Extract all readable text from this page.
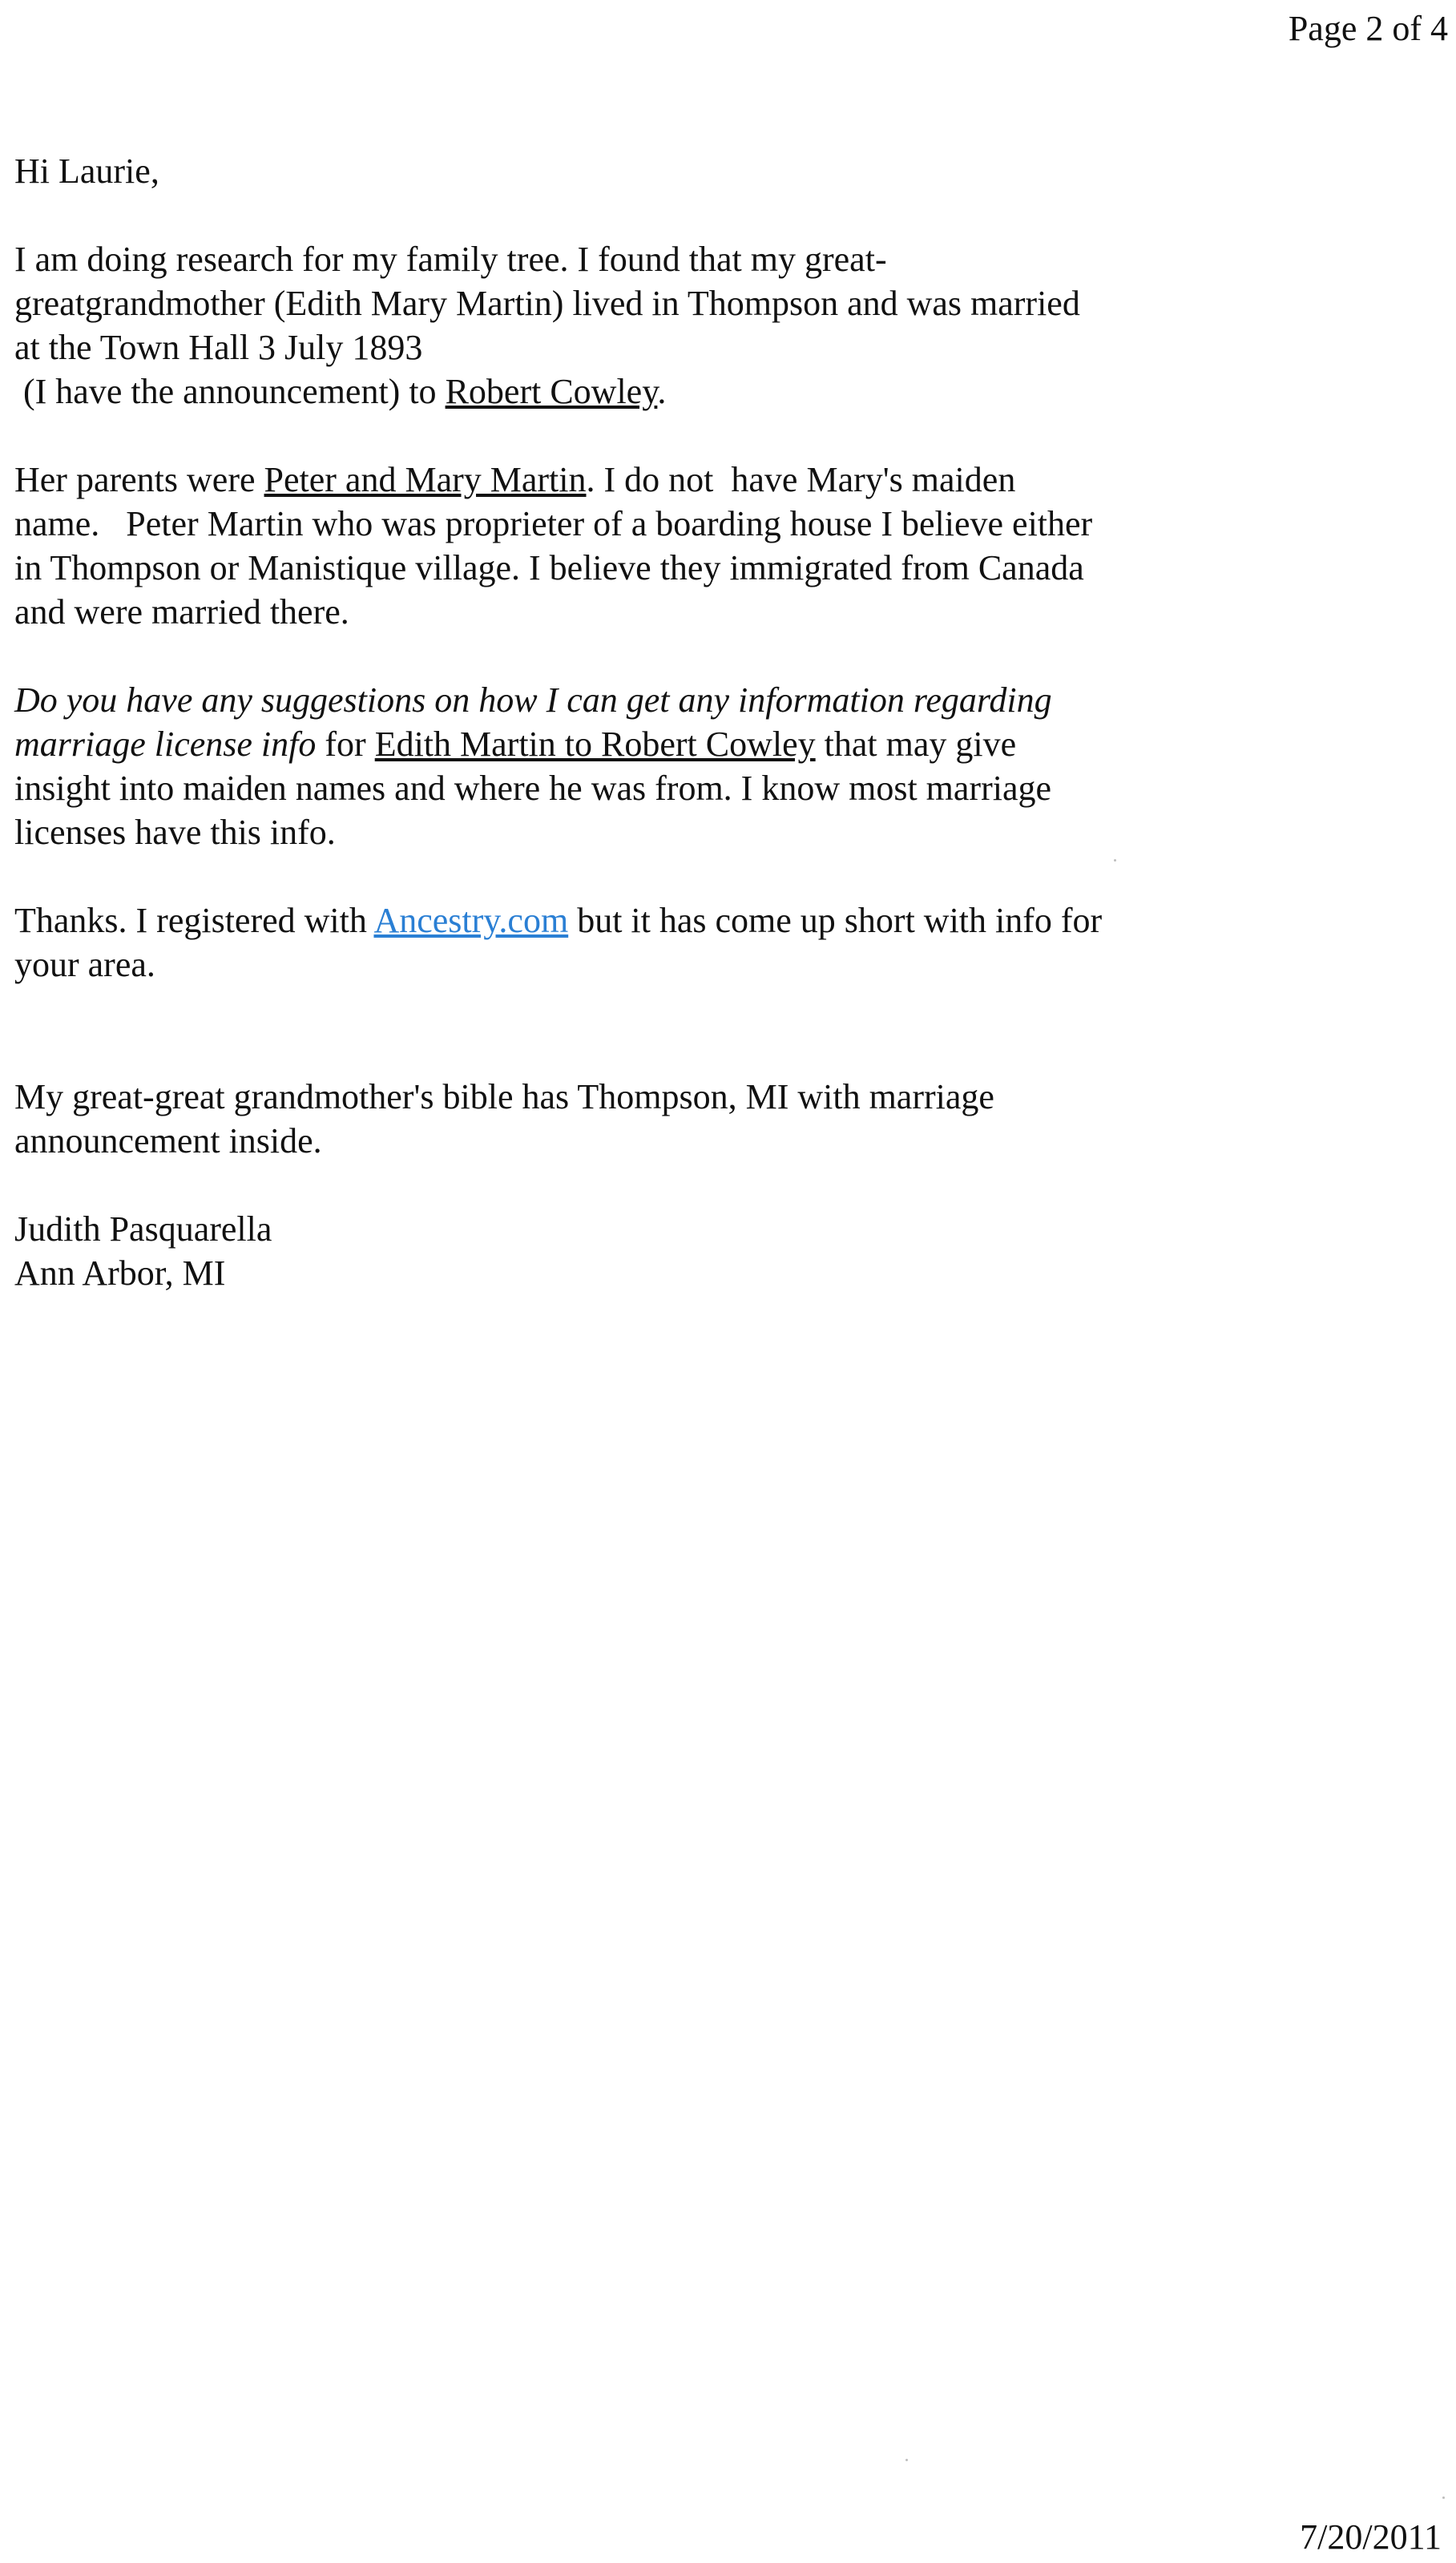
Page 2 of 4

Hi Laurie,

I am doing research for my family tree. I found that my great-
greatgrandmother (Edith Mary Martin) lived in Thompson and was married
at the Town Hall 3 July 1893
(I have the announcement) to Robert Cowley.

Her parents were Peter and Mary Martin. I do not  have Mary's maiden
name.   Peter Martin who was proprieter of a boarding house I believe either
in Thompson or Manistique village. I believe they immigrated from Canada
and were married there.

Do you have any suggestions on how I can get any information regarding
marriage license info for Edith Martin to Robert Cowley that may give
insight into maiden names and where he was from. I know most marriage
licenses have this info.

Thanks. I registered with Ancestry.com but it has come up short with info for
your area.

My great-great grandmother's bible has Thompson, MI with marriage
announcement inside.

Judith Pasquarella
Ann Arbor, MI

7/20/2011
